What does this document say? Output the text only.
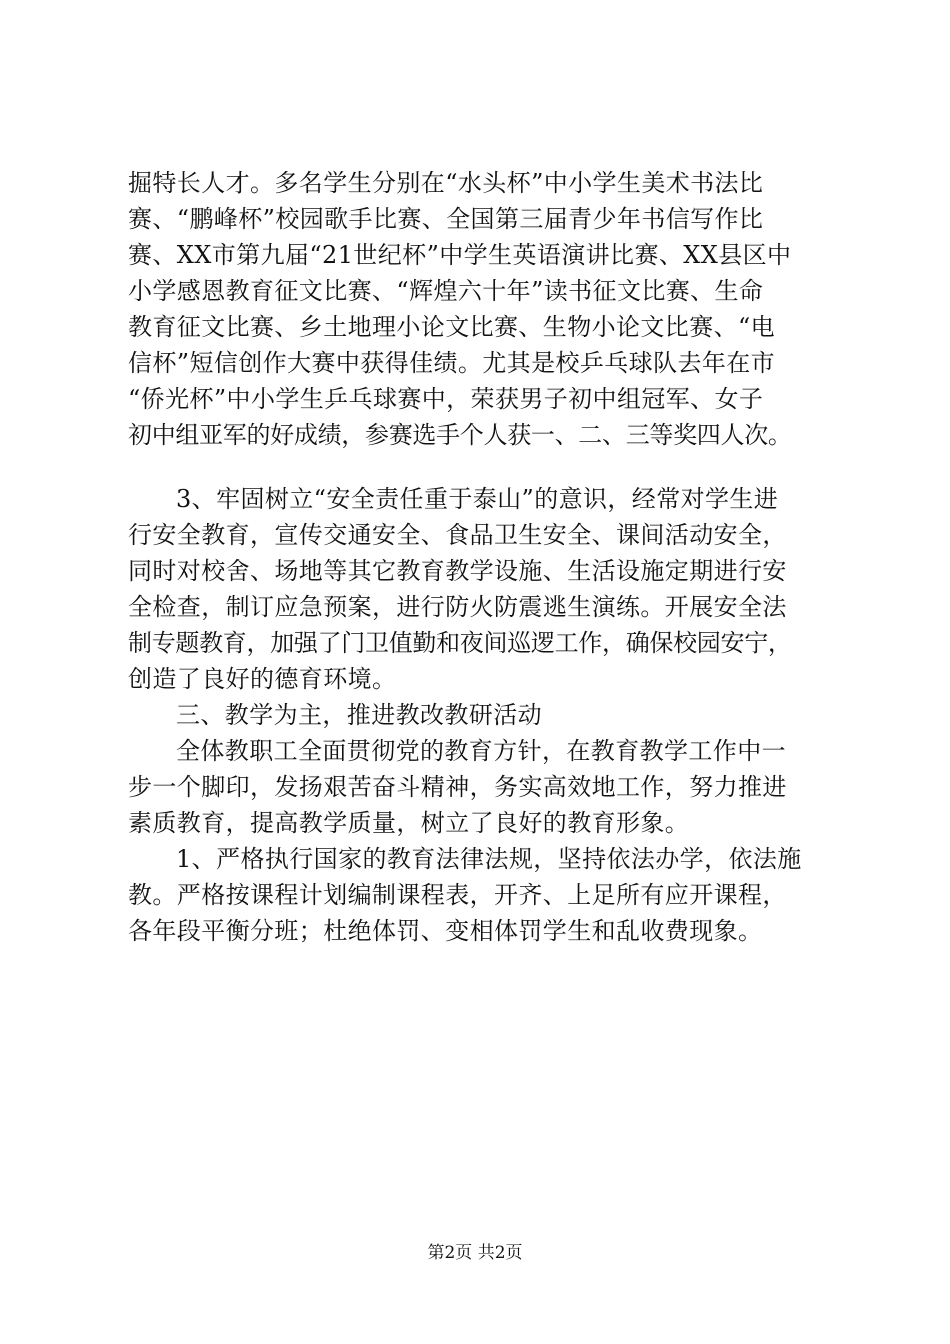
掘特长人才。多名学生分别在“水头杯”中小学生美术书法比
赛、“鹏峰杯”校园歌手比赛、全国第三届青少年书信写作比
赛、XX市第九届“21世纪杯”中学生英语演讲比赛、XX县区中
小学感恩教育征文比赛、“辉煌六十年”读书征文比赛、生命
教育征文比赛、乡土地理小论文比赛、生物小论文比赛、“电
信杯”短信创作大赛中获得佳绩。尤其是校乒乓球队去年在市
“侨光杯”中小学生乒乓球赛中，荣获男子初中组冠军、女子
初中组亚军的好成绩，参赛选手个人获一、二、三等奖四人次。
3、牢固树立“安全责任重于泰山”的意识，经常对学生进
行安全教育，宣传交通安全、食品卫生安全、课间活动安全，
同时对校舍、场地等其它教育教学设施、生活设施定期进行安
全检查，制订应急预案，进行防火防震逃生演练。开展安全法
制专题教育，加强了门卫值勤和夜间巡逻工作，确保校园安宁，
创造了良好的德育环境。
三、教学为主，推进教改教研活动
全体教职工全面贯彻党的教育方针，在教育教学工作中一
步一个脚印，发扬艰苦奋斗精神，务实高效地工作，努力推进
素质教育，提高教学质量，树立了良好的教育形象。
1、严格执行国家的教育法律法规，坚持依法办学，依法施
教。严格按课程计划编制课程表，开齐、上足所有应开课程，
各年段平衡分班；杜绝体罚、变相体罚学生和乱收费现象。
第2页 共2页
